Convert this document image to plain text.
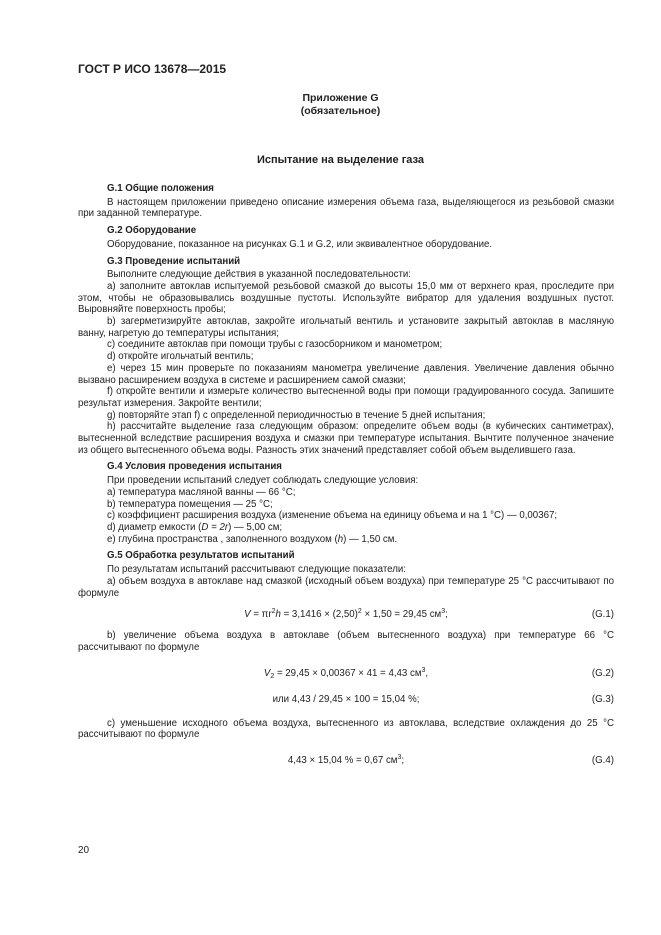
ГОСТ Р ИСО 13678—2015
Приложение G
(обязательное)
Испытание на выделение газа
G.1 Общие положения

В настоящем приложении приведено описание измерения объема газа, выделяющегося из резьбовой смазки при заданной температуре.

G.2 Оборудование

Оборудование, показанное на рисунках G.1 и G.2, или эквивалентное оборудование.

G.3 Проведение испытаний

Выполните следующие действия в указанной последовательности:

а) заполните автоклав испытуемой резьбовой смазкой до высоты 15,0 мм от верхнего края, проследите при этом, чтобы не образовывались воздушные пустоты. Используйте вибратор для удаления воздушных пустот. Выровняйте поверхность пробы;

b) загерметизируйте автоклав, закройте игольчатый вентиль и установите закрытый автоклав в масляную ванну, нагретую до температуры испытания;

c) соедините автоклав при помощи трубы с газосборником и манометром;

d) откройте игольчатый вентиль;

e) через 15 мин проверьте по показаниям манометра увеличение давления. Увеличение давления обычно вызвано расширением воздуха в системе и расширением самой смазки;

f) откройте вентили и измерьте количество вытесненной воды при помощи градуированного сосуда. Запишите результат измерения. Закройте вентили;

g) повторяйте этап f) с определенной периодичностью в течение 5 дней испытания;

h) рассчитайте выделение газа следующим образом: определите объем воды (в кубических сантиметрах), вытесненной вследствие расширения воздуха и смазки при температуре испытания. Вычтите полученное значение из общего вытесненного объема воды. Разность этих значений представляет собой объем выделившего газа.

G.4 Условия проведения испытания

При проведении испытаний следует соблюдать следующие условия:

а) температура масляной ванны — 66 °С;

b) температура помещения — 25 °С;

c) коэффициент расширения воздуха (изменение объема на единицу объема и на 1 °С) — 0,00367;

d) диаметр емкости (D = 2r) — 5,00 см;

e) глубина пространства , заполненного воздухом (h) — 1,50 см.

G.5 Обработка результатов испытаний

По результатам испытаний рассчитывают следующие показатели:

а) объем воздуха в автоклаве над смазкой (исходный объем воздуха) при температуре 25 °С рассчитывают по формуле

$V = \pi r^2h = 3,1416 \times (2,50)^2 \times 1,50 = 29,45$ $см^3$;	(G.1)

b) увеличение объема воздуха в автоклаве (объем вытесненного воздуха) при температуре 66 °С рассчитывают по формуле

$V_2 = 29,45 \times 0,00367 \times 41 = 4,43$ $см^3$,	(G.2)
или 4,43 / 29,45 × 100 = 15,04 %;	(G.3)

c) уменьшение исходного объема воздуха, вытесненного из автоклава, вследствие охлаждения до 25 °С рассчитывают по формуле

4,43 × 15,04 % = 0,67 $см^3$;	(G.4)
20
